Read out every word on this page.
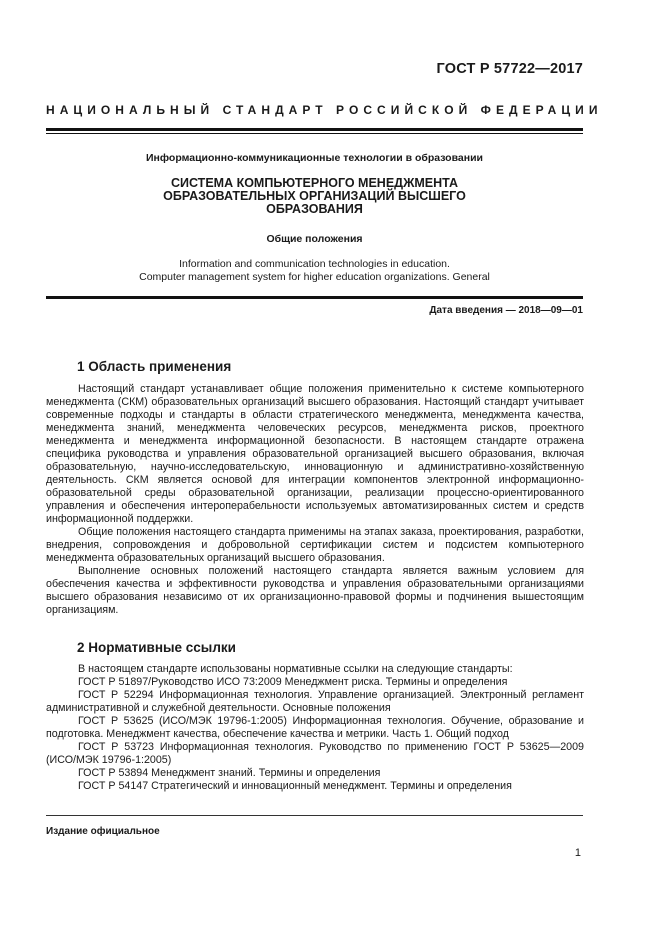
ГОСТ Р 57722—2017
НАЦИОНАЛЬНЫЙ СТАНДАРТ РОССИЙСКОЙ ФЕДЕРАЦИИ
Информационно-коммуникационные технологии в образовании
СИСТЕМА КОМПЬЮТЕРНОГО МЕНЕДЖМЕНТА
ОБРАЗОВАТЕЛЬНЫХ ОРГАНИЗАЦИЙ ВЫСШЕГО
ОБРАЗОВАНИЯ
Общие положения
Information and communication technologies in education.
Computer management system for higher education organizations. General
Дата введения — 2018—09—01
1 Область применения

Настоящий стандарт устанавливает общие положения применительно к системе компьютерного менеджмента (СКМ) образовательных организаций высшего образования. Настоящий стандарт учитывает современные подходы и стандарты в области стратегического менеджмента, менеджмента качества, менеджмента знаний, менеджмента человеческих ресурсов, менеджмента рисков, проектного менеджмента и менеджмента информационной безопасности. В настоящем стандарте отражена специфика руководства и управления образовательной организацией высшего образования, включая образовательную, научно-исследовательскую, инновационную и административно-хозяйственную деятельность. СКМ является основой для интеграции компонентов электронной информационно-образовательной среды образовательной организации, реализации процессно-ориентированного управления и обеспечения интероперабельности используемых автоматизированных систем и средств информационной поддержки.

Общие положения настоящего стандарта применимы на этапах заказа, проектирования, разработки, внедрения, сопровождения и добровольной сертификации систем и подсистем компьютерного менеджмента образовательных организаций высшего образования.

Выполнение основных положений настоящего стандарта является важным условием для обеспечения качества и эффективности руководства и управления образовательными организациями высшего образования независимо от их организационно-правовой формы и подчинения вышестоящим организациям.

2 Нормативные ссылки

В настоящем стандарте использованы нормативные ссылки на следующие стандарты:

ГОСТ Р 51897/Руководство ИСО 73:2009 Менеджмент риска. Термины и определения

ГОСТ Р 52294 Информационная технология. Управление организацией. Электронный регламент административной и служебной деятельности. Основные положения

ГОСТ Р 53625 (ИСО/МЭК 19796-1:2005) Информационная технология. Обучение, образование и подготовка. Менеджмент качества, обеспечение качества и метрики. Часть 1. Общий подход

ГОСТ Р 53723 Информационная технология. Руководство по применению ГОСТ Р 53625—2009 (ИСО/МЭК 19796-1:2005)

ГОСТ Р 53894 Менеджмент знаний. Термины и определения

ГОСТ Р 54147 Стратегический и инновационный менеджмент. Термины и определения

Издание официальное
1
